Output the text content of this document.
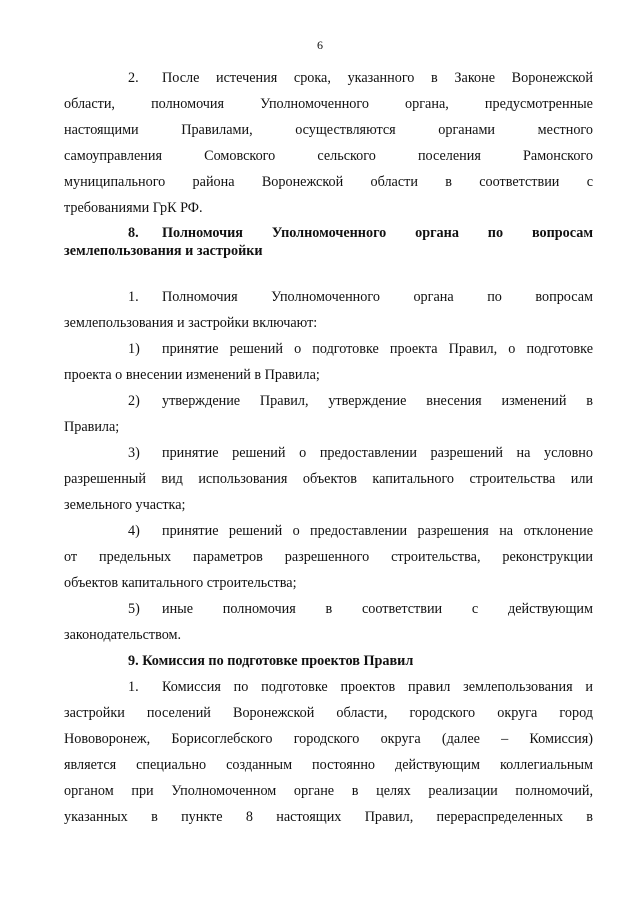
6

2. После истечения срока, указанного в Законе Воронежской

области, полномочия Уполномоченного органа, предусмотренные

настоящими Правилами, осуществляются органами местного

самоуправления Сомовского сельского поселения Рамонского

муниципального района Воронежской области в соответствии с

требованиями ГрК РФ.

8. Полномочия Уполномоченного органа по вопросам

землепользования и застройки

1. Полномочия Уполномоченного органа по вопросам

землепользования и застройки включают:

1) принятие решений о подготовке проекта Правил, о подготовке

проекта о внесении изменений в Правила;

2) утверждение Правил, утверждение внесения изменений в

Правила;

3) принятие решений о предоставлении разрешений на условно

разрешенный вид использования объектов капитального строительства или

земельного участка;

4) принятие решений о предоставлении разрешения на отклонение

от предельных параметров разрешенного строительства, реконструкции

объектов капитального строительства;

5) иные полномочия в соответствии с действующим

законодательством.

9. Комиссия по подготовке проектов Правил

1. Комиссия по подготовке проектов правил землепользования и

застройки поселений Воронежской области, городского округа город

Нововоронеж, Борисоглебского городского округа (далее – Комиссия)

является специально созданным постоянно действующим коллегиальным

органом при Уполномоченном органе в целях реализации полномочий,

указанных в пункте 8 настоящих Правил, перераспределенных в
